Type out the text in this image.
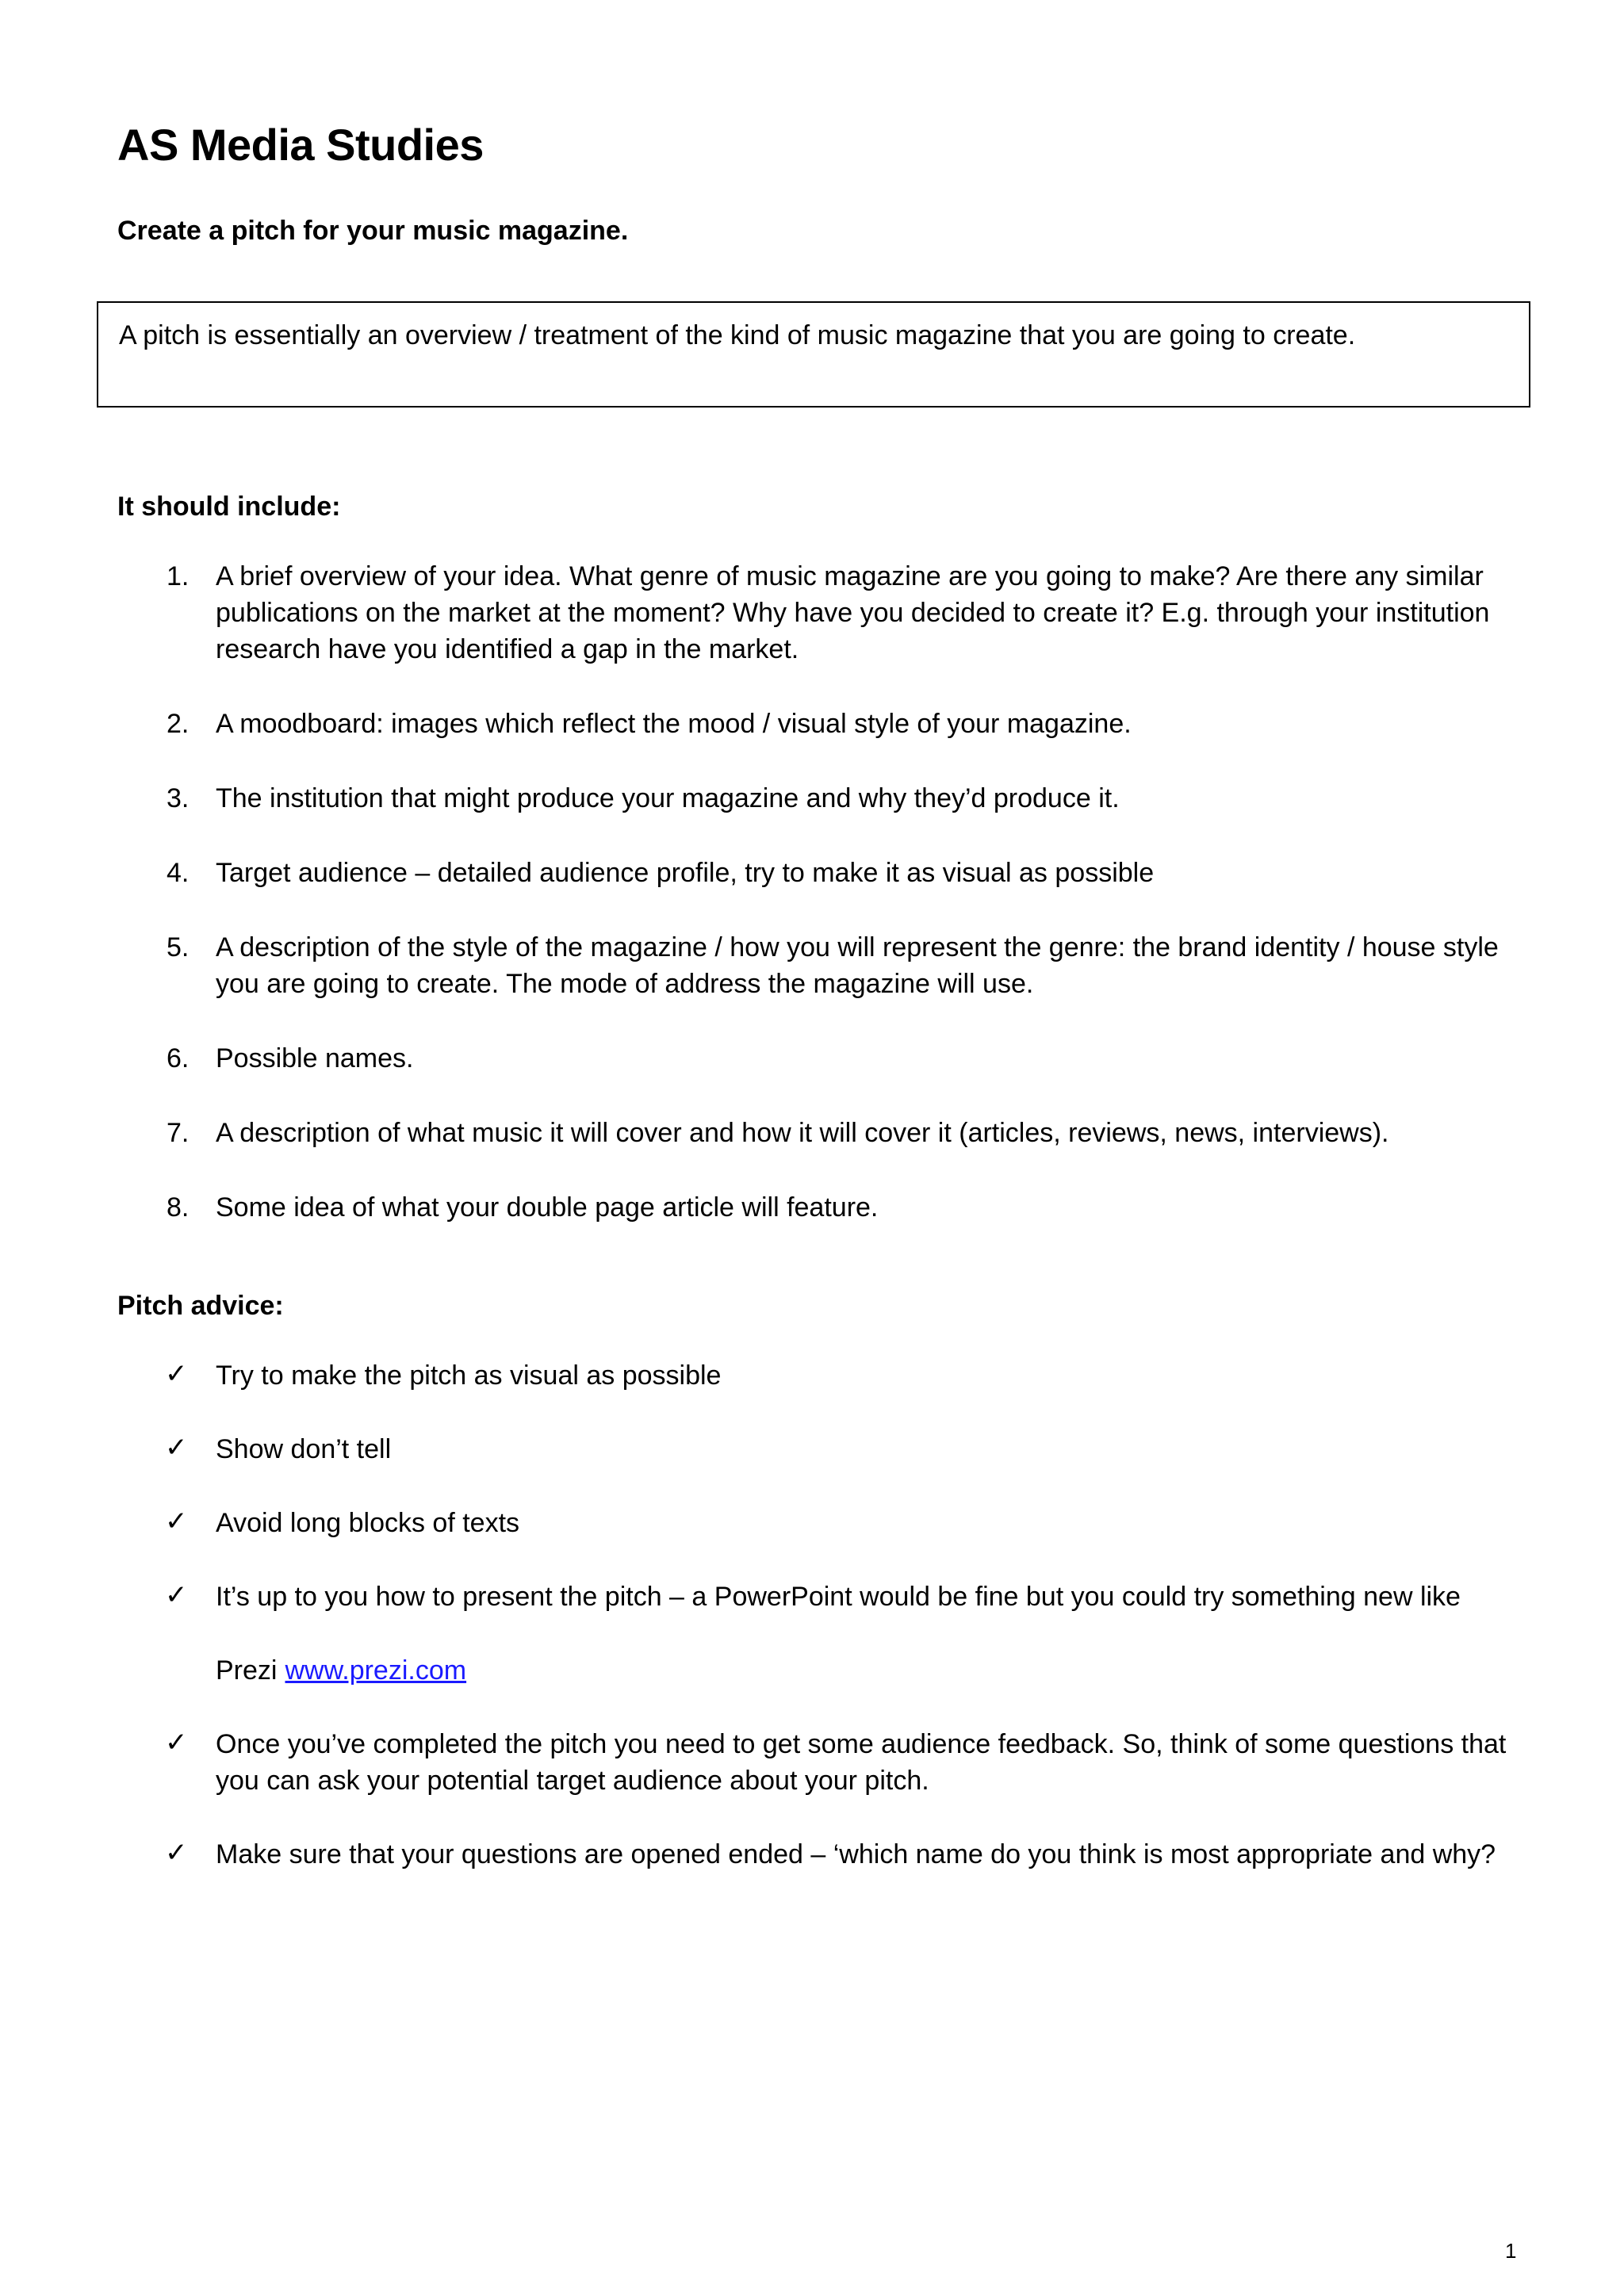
AS Media Studies

Create a pitch for your music magazine.

A pitch is essentially an overview / treatment of the kind of music magazine that you are going to create.

It should include:

1. A brief overview of your idea. What genre of music magazine are you going to make? Are there any similar publications on the market at the moment? Why have you decided to create it? E.g. through your institution research have you identified a gap in the market.
2. A moodboard: images which reflect the mood / visual style of your magazine.
3. The institution that might produce your magazine and why they’d produce it.
4. Target audience – detailed audience profile, try to make it as visual as possible
5. A description of the style of the magazine / how you will represent the genre: the brand identity / house style you are going to create. The mode of address the magazine will use.
6. Possible names.
7. A description of what music it will cover and how it will cover it (articles, reviews, news, interviews).
8. Some idea of what your double page article will feature.

Pitch advice:

✓ Try to make the pitch as visual as possible
✓ Show don’t tell
✓ Avoid long blocks of texts
✓ It’s up to you how to present the pitch – a PowerPoint would be fine but you could try something new like
Prezi www.prezi.com
✓ Once you’ve completed the pitch you need to get some audience feedback. So, think of some questions that you can ask your potential target audience about your pitch.
✓ Make sure that your questions are opened ended – ‘which name do you think is most appropriate and why?
1
